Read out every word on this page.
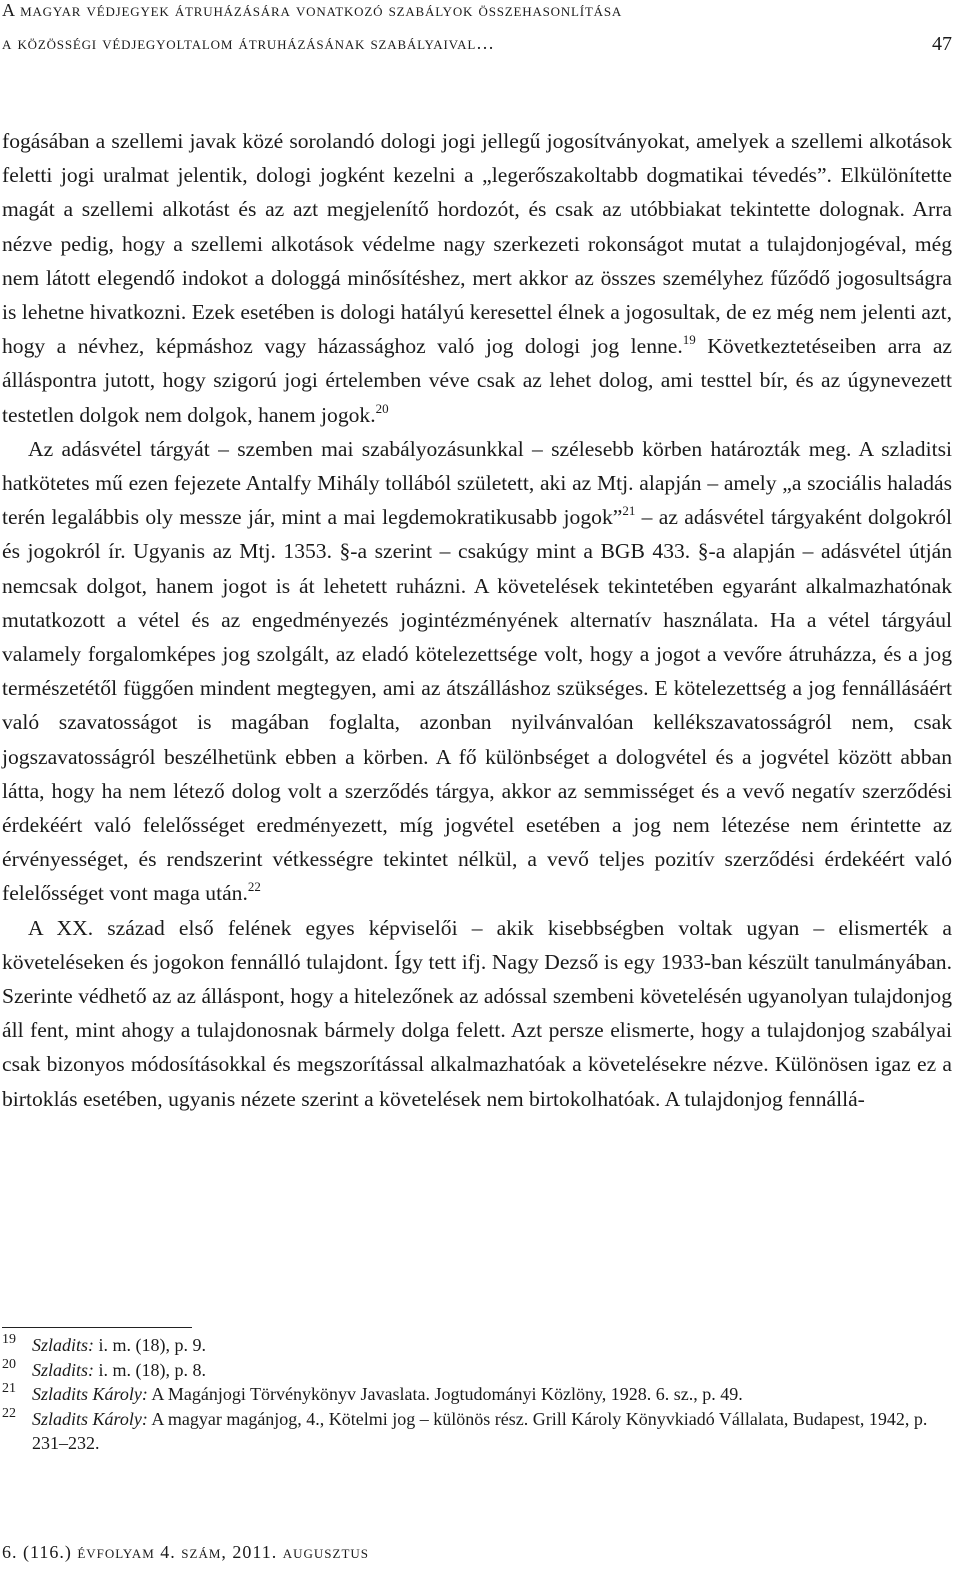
A magyar védjegyek átruházására vonatkozó szabályok összehasonlítása
a közösségi védjegyoltalom átruházásának szabályaival…	47

fogásában a szellemi javak közé sorolandó dologi jogi jellegű jogosítványokat, amelyek a szellemi alkotások feletti jogi uralmat jelentik, dologi jogként kezelni a „legerőszakoltabb dogmatikai tévedés”. Elkülönítette magát a szellemi alkotást és az azt megjelenítő hordozót, és csak az utóbbiakat tekintette dolognak. Arra nézve pedig, hogy a szellemi alkotások védelme nagy szerkezeti rokonságot mutat a tulajdonjogéval, még nem látott elegendő indokot a dologgá minősítéshez, mert akkor az összes személyhez fűződő jogosultságra is lehetne hivatkozni. Ezek esetében is dologi hatályú keresettel élnek a jogosultak, de ez még nem jelenti azt, hogy a névhez, képmáshoz vagy házassághoz való jog dologi jog lenne.$^{19}$ Következtetéseiben arra az álláspontra jutott, hogy szigorú jogi értelemben véve csak az lehet dolog, ami testtel bír, és az úgynevezett testetlen dolgok nem dolgok, hanem jogok.$^{20}$

Az adásvétel tárgyát – szemben mai szabályozásunkkal – szélesebb körben határozták meg. A szladitsi hatkötetes mű ezen fejezete Antalfy Mihály tollából született, aki az Mtj. alapján – amely „a szociális haladás terén legalábbis oly messze jár, mint a mai legdemokratikusabb jogok”$^{21}$ – az adásvétel tárgyaként dolgokról és jogokról ír. Ugyanis az Mtj. 1353. §-a szerint – csakúgy mint a BGB 433. §-a alapján – adásvétel útján nemcsak dolgot, hanem jogot is át lehetett ruházni. A követelések tekintetében egyaránt alkalmazhatónak mutatkozott a vétel és az engedményezés jogintézményének alternatív használata. Ha a vétel tárgyául valamely forgalomképes jog szolgált, az eladó kötelezettsége volt, hogy a jogot a vevőre átruházza, és a jog természetétől függően mindent megtegyen, ami az átszálláshoz szükséges. E kötelezettség a jog fennállásáért való szavatosságot is magában foglalta, azonban nyilvánvalóan kellékszavatosságról nem, csak jogszavatosságról beszélhetünk ebben a körben. A fő különbséget a dologvétel és a jogvétel között abban látta, hogy ha nem létező dolog volt a szerződés tárgya, akkor az semmisséget és a vevő negatív szerződési érdekéért való felelősséget eredményezett, míg jogvétel esetében a jog nem létezése nem érintette az érvényességet, és rendszerint vétkességre tekintet nélkül, a vevő teljes pozitív szerződési érdekéért való felelősséget vont maga után.$^{22}$

A XX. század első felének egyes képviselői – akik kisebbségben voltak ugyan – elismerték a követeléseken és jogokon fennálló tulajdont. Így tett ifj. Nagy Dezső is egy 1933-ban készült tanulmányában. Szerinte védhető az az álláspont, hogy a hitelezőnek az adóssal szembeni követelésén ugyanolyan tulajdonjog áll fent, mint ahogy a tulajdonosnak bármely dolga felett. Azt persze elismerte, hogy a tulajdonjog szabályai csak bizonyos módosításokkal és megszorítással alkalmazhatóak a követelésekre nézve. Különösen igaz ez a birtoklás esetében, ugyanis nézete szerint a követelések nem birtokolhatóak. A tulajdonjog fennállá-

19 Szladits: i. m. (18), p. 9.
20 Szladits: i. m. (18), p. 8.
21 Szladits Károly: A Magánjogi Törvénykönyv Javaslata. Jogtudományi Közlöny, 1928. 6. sz., p. 49.
22 Szladits Károly: A magyar magánjog, 4., Kötelmi jog – különös rész. Grill Károly Könyvkiadó Vállalata, Budapest, 1942, p. 231–232.
6. (116.) évfolyam 4. szám, 2011. augusztus
